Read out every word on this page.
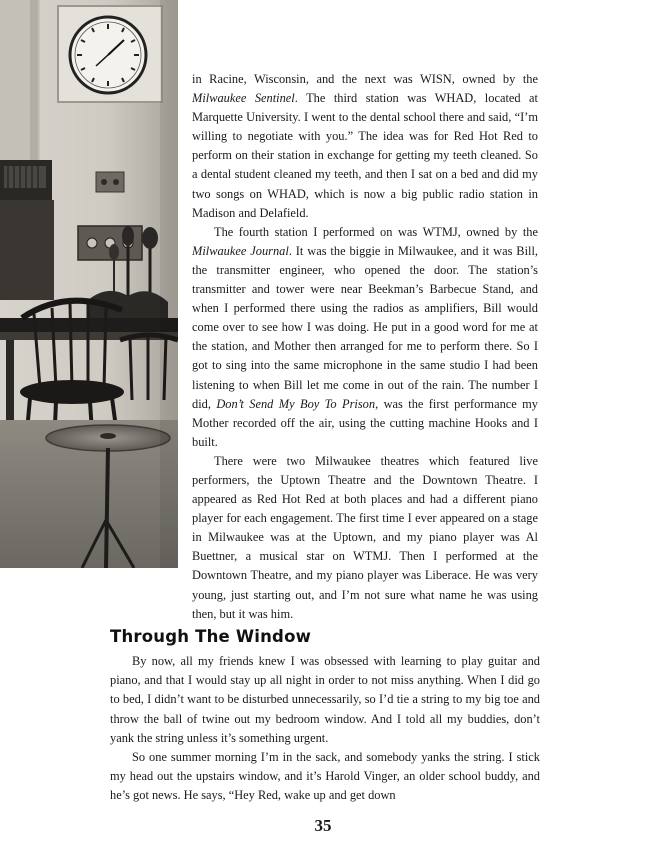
in Racine, Wisconsin, and the next was WISN, owned by the Milwaukee Sentinel. The third station was WHAD, located at Marquette University. I went to the dental school there and said, “I’m willing to negotiate with you.” The idea was for Red Hot Red to perform on their station in exchange for getting my teeth cleaned. So a dental student cleaned my teeth, and then I sat on a bed and did my two songs on WHAD, which is now a big public radio station in Madison and Delafield.

The fourth station I performed on was WTMJ, owned by the Milwaukee Journal. It was the biggie in Milwaukee, and it was Bill, the transmitter engineer, who opened the door. The station’s transmitter and tower were near Beekman’s Barbecue Stand, and when I performed there using the radios as amplifiers, Bill would come over to see how I was doing. He put in a good word for me at the station, and Mother then arranged for me to perform there. So I got to sing into the same microphone in the same studio I had been listening to when Bill let me come in out of the rain. The number I did, Don’t Send My Boy To Prison, was the first performance my Mother recorded off the air, using the cutting machine Hooks and I built.

There were two Milwaukee theatres which featured live performers, the Uptown Theatre and the Downtown Theatre. I appeared as Red Hot Red at both places and had a different piano player for each engagement. The first time I ever appeared on a stage in Milwaukee was at the Uptown, and my piano player was Al Buettner, a musical star on WTMJ. Then I performed at the Downtown Theatre, and my piano player was Liberace. He was very young, just starting out, and I’m not sure what name he was using then, but it was him.

Through The Window

By now, all my friends knew I was obsessed with learning to play guitar and piano, and that I would stay up all night in order to not miss anything. When I did go to bed, I didn’t want to be disturbed unnecessarily, so I’d tie a string to my big toe and throw the ball of twine out my bedroom window. And I told all my buddies, don’t yank the string unless it’s something urgent.

So one summer morning I’m in the sack, and somebody yanks the string. I stick my head out the upstairs window, and it’s Harold Vinger, an older school buddy, and he’s got news. He says, “Hey Red, wake up and get down

35
